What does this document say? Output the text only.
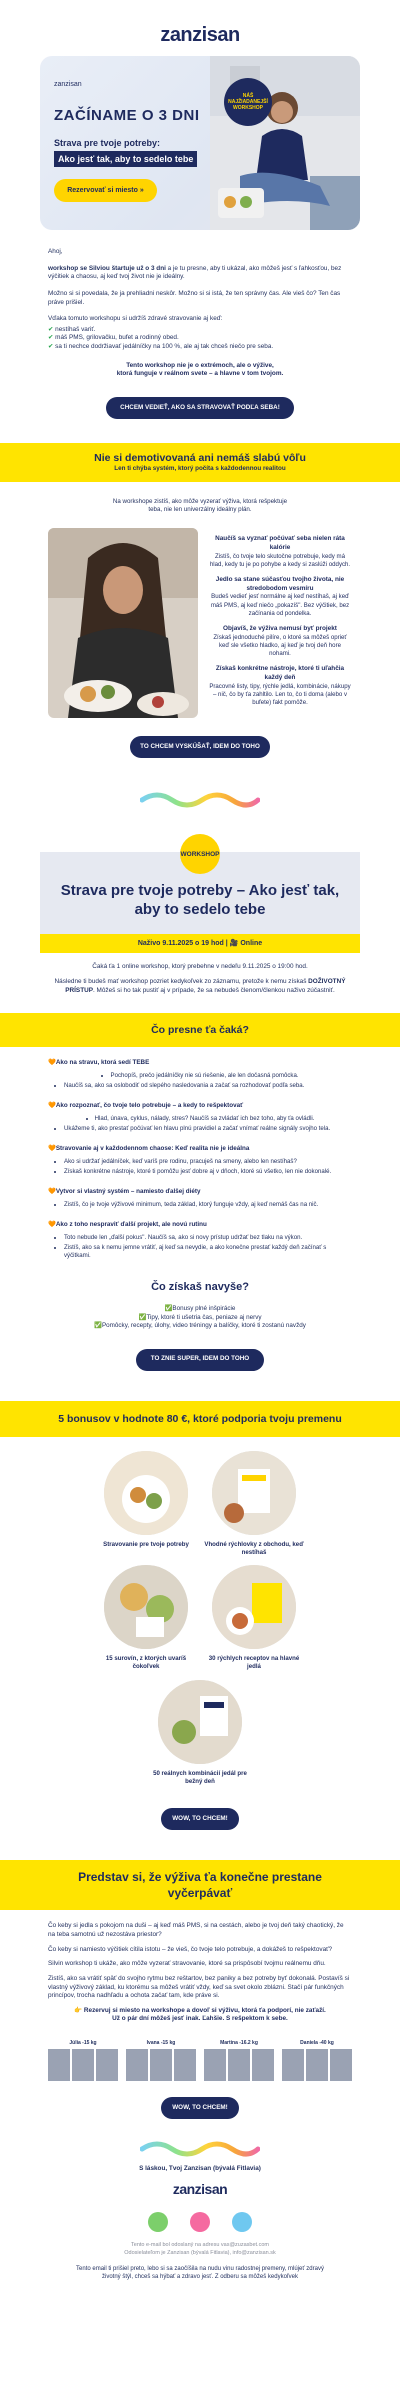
zanzisan
zanzisan
ZAČÍNAME O 3 DNI
Strava pre tvoje potreby:
Ako jesť tak, aby to sedelo tebe
Rezervovať si miesto »
NÁŠ NAJŽIADANEJŠÍ WORKSHOP

Ahoj,

workshop se Silviou štartuje už o 3 dni a je tu presne, aby ti ukázal, ako môžeš jesť s ľahkosťou, bez výčitiek a chaosu, aj keď tvoj život nie je ideálny.

Možno si si povedala, že ja prehliadni neskôr. Možno si si istá, že ten správny čas. Ale vieš čo? Ten čas práve prišiel.

Vďaka tomuto workshopu si udržíš zdravé stravovanie aj keď:

✔ nestíhaš variť.
✔ máš PMS, grilovačku, bufet a rodinný obed.
✔ sa ti nechce dodržiavať jedálníčky na 100 %, ale aj tak chceš niečo pre seba.
Tento workshop nie je o extrémoch, ale o výžive,
ktorá funguje v reálnom svete – a hlavne v tom tvojom.
CHCEM VEDIEŤ, AKO SA STRAVOVAŤ PODĽA SEBA!
Nie si demotivovaná ani nemáš slabú vôľu
Len ti chýba systém, ktorý počíta s každodennou realitou

Na workshope zistíš, ako môže vyzerať výživa, ktorá rešpektuje teba, nie len univerzálny ideálny plán.

Naučíš sa vyznať počúvať seba nielen ráta kalórie

Zistíš, čo tvoje telo skutočne potrebuje, kedy má hlad, kedy tu je po pohybe a kedy si zaslúži oddych.

Jedlo sa stane súčasťou tvojho života, nie stredobodom vesmíru

Budeš vedieť jesť normálne aj keď nestíhaš, aj keď máš PMS, aj keď niečo „pokazíš". Bez výčitiek, bez začínania od pondelka.

Objavíš, že výživa nemusí byť projekt

Získaš jednoduché pilíre, o ktoré sa môžeš oprieť keď sle všetko hladko, aj keď je tvoj deň hore nohami.

Získaš konkrétne nástroje, ktoré ti uľahčia každý deň

Pracovné listy, tipy, rýchle jedlá, kombinácie, nákupy – nič, čo by ťa zahltilo. Len to, čo ti doma (alebo v bufete) fakt pomôže.

TO CHCEM VYSKÚŠAŤ, IDEM DO TOHO
WORKSHOP
Strava pre tvoje potreby – Ako jesť tak, aby to sedelo tebe
Naživo 9.11.2025 o 19 hod | 🎥 Online

Čaká ťa 1 online workshop, ktorý prebehne v nedeľu 9.11.2025 o 19:00 hod.

Následne ti budeš mať workshop pozriet kedykoľvek zo záznamu, pretože k nemu získaš DOŽIVOTNÝ PRÍSTUP. Môžeš si ho tak pustiť aj v prípade, že sa nebudeš členom/členkou naživo zúčastniť.

Čo presne ťa čaká?
🧡Ako na stravu, ktorá sedí TEBE
• Pochopíš, prečo jedálníčky nie sú riešenie, ale len dočasná pomôcka.
• Naučíš sa, ako sa oslobodiť od slepého nasledovania a začať sa rozhodovať podľa seba.
🧡Ako rozpoznať, čo tvoje telo potrebuje – a kedy to rešpektovať
• Hlad, únava, cyklus, nálady, stres? Naučíš sa zvládať ich bez toho, aby ťa ovládli.
• Ukážeme ti, ako prestať počúvať len hlavu plnú pravidiel a začať vnímať reálne signály svojho tela.
🧡Stravovanie aj v každodennom chaose: Keď realita nie je ideálna
• Ako si udržať jedálníček, keď varíš pre rodinu, pracuješ na smeny, alebo len nestíhaš?
• Získaš konkrétne nástroje, ktoré ti pomôžu jesť dobre aj v dňoch, ktoré sú všetko, len nie dokonalé.
🧡Vytvor si vlastný systém – namiesto ďalšej diéty
• Zistíš, čo je tvoje výživové minimum, teda základ, ktorý funguje vždy, aj keď nemáš čas na nič.
🧡Ako z toho nespraviť ďalší projekt, ale novú rutinu
• Toto nebude len „ďalší pokus". Naučíš sa, ako si novy prístup udržať bez tlaku na výkon.
• Zistíš, ako sa k nemu jemne vrátiť, aj keď sa nevydie, a ako konečne prestať každý deň začínať s výčitkami.
Čo získaš navyše?
✅Bonusy plné inšpirácie
✅Tipy, ktoré ti ušetria čas, peniaze aj nervy
✅Pomôcky, recepty, úlohy, video tréningy a balíčky, ktoré ti zostanú navždy
TO ZNIE SUPER, IDEM DO TOHO
5 bonusov v hodnote 80 €, ktoré podporia tvoju premenu

Stravovanie pre tvoje potreby	Vhodné rýchlovky z obchodu, keď nestíhaš

15 surovín, z ktorých uvaríš čokoľvek

30 rýchlych receptov na hlavné jedlá

50 reálnych kombinácií jedál pre bežný deň

WOW, TO CHCEM!
Predstav si, že výživa ťa konečne prestane
vyčerpávať

Čo keby si jedla s pokojom na duši – aj keď máš PMS, si na cestách, alebo je tvoj deň taký chaotický, že na teba samotnú už nezostáva priestor?

Čo keby si namiesto výčitiek cítila istotu – že vieš, čo tvoje telo potrebuje, a dokážeš to rešpektovať?

Silvin workshop ti ukáže, ako môže vyzerať stravovanie, ktoré sa prispôsobí tvojmu reálnemu dňu.

Zistíš, ako sa vrátiť späť do svojho rytmu bez reštartov, bez paniky a bez potreby byť dokonalá. Postavíš si vlastný výživový základ, ku ktorému sa môžeš vrátiť vždy, keď sa svet okolo zblázni. Stačí pár funkčných princípov, trocha nadhľadu a ochota začať tam, kde práve si.

👉 Rezervuj si miesto na workshope a dovoľ si výživu, ktorá ťa podporí, nie zaťaží.
Už o pár dní môžeš jesť inak. Ľahšie. S rešpektom k sebe.
Júlia -15 kg	Ivana -15 kg	Martina -16.2 kg	Daniela -40 kg
WOW, TO CHCEM!
S láskou, Tvoj Zanzisan (bývalá Fitlavia)
zanzisan
Tento e-mail bol odoslaný na adresu vas@zuzasbet.com
Odosielateľom je Zanzisan (bývalá Fitlavia), info@zanzisan.sk
Tento email ti prišiel preto, lebo si sa zaočíšila na nudu vinu radostnej premeny, mlújeť zdravý
životný štýl, chceš sa hýbať a zdravo jesť. Z odberu sa môžeš kedykoľvek
